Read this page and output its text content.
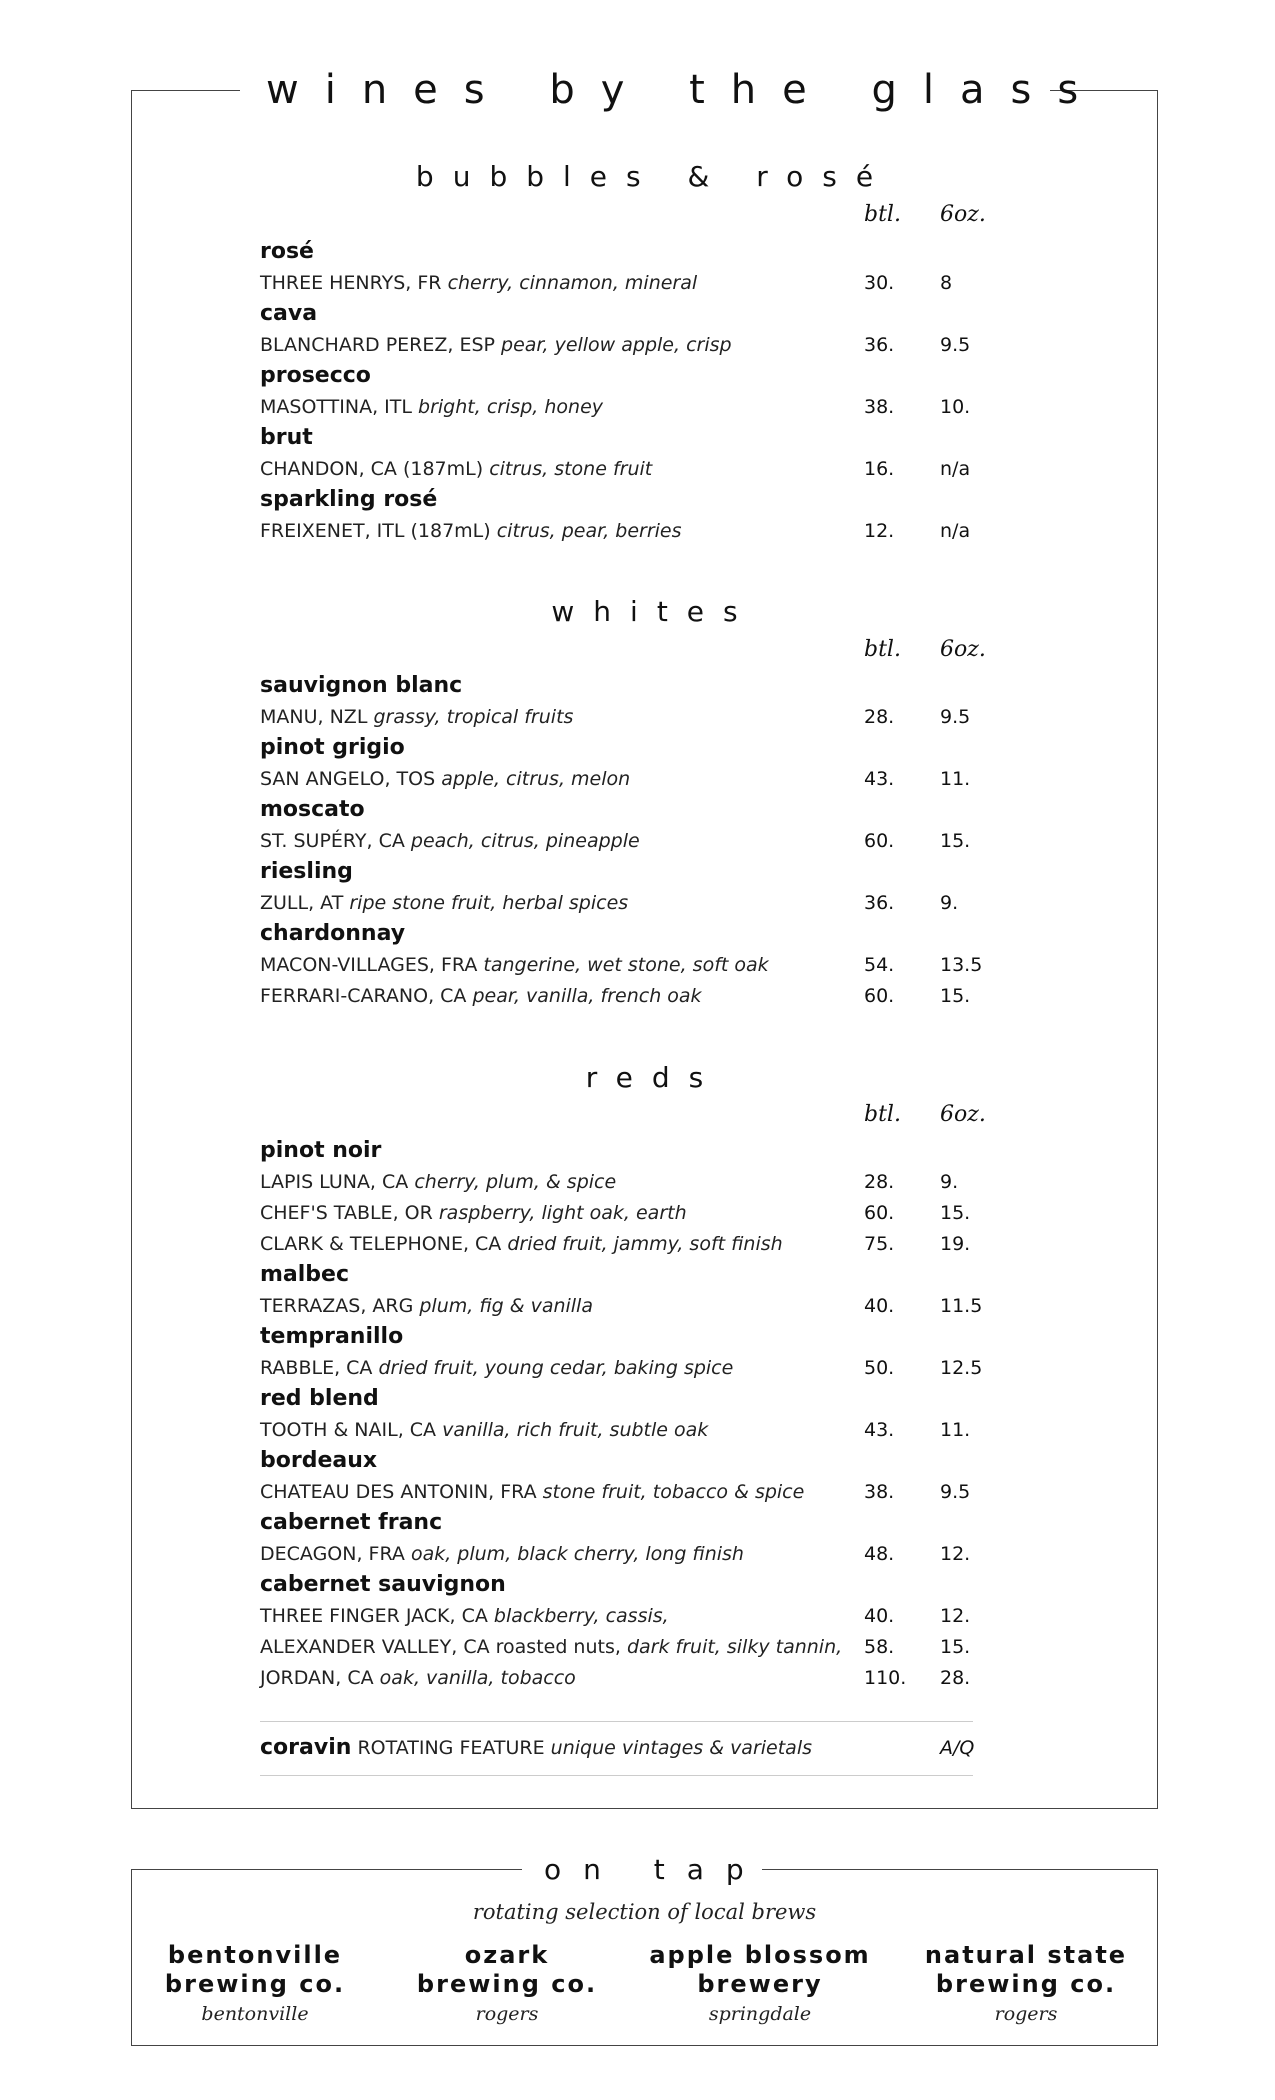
wines by the glass
bubbles & rosé
btl. 6oz.
rosé
THREE HENRYS, FR cherry, cinnamon, mineral	30. 8
cava
BLANCHARD PEREZ, ESP pear, yellow apple, crisp	36. 9.5
prosecco
MASOTTINA, ITL bright, crisp, honey	38. 10.
brut
CHANDON, CA (187mL) citrus, stone fruit	16. n/a
sparkling rosé
FREIXENET, ITL (187mL) citrus, pear, berries	12. n/a
whites
btl. 6oz.
sauvignon blanc
MANU, NZL grassy, tropical fruits	28. 9.5
pinot grigio
SAN ANGELO, TOS apple, citrus, melon	43. 11.
moscato
ST. SUPÉRY, CA peach, citrus, pineapple	60. 15.
riesling
ZULL, AT ripe stone fruit, herbal spices	36. 9.
chardonnay
MACON-VILLAGES, FRA tangerine, wet stone, soft oak	54. 13.5
FERRARI-CARANO, CA pear, vanilla, french oak	60. 15.
reds
btl. 6oz.
pinot noir
LAPIS LUNA, CA cherry, plum, & spice	28. 9.
CHEF'S TABLE, OR raspberry, light oak, earth	60. 15.
CLARK & TELEPHONE, CA dried fruit, jammy, soft finish	75. 19.
malbec
TERRAZAS, ARG plum, fig & vanilla	40. 11.5
tempranillo
RABBLE, CA dried fruit, young cedar, baking spice	50. 12.5
red blend
TOOTH & NAIL, CA vanilla, rich fruit, subtle oak	43. 11.
bordeaux
CHATEAU DES ANTONIN, FRA stone fruit, tobacco & spice	38. 9.5
cabernet franc
DECAGON, FRA oak, plum, black cherry, long finish	48. 12.
cabernet sauvignon
THREE FINGER JACK, CA blackberry, cassis,	40. 12.
ALEXANDER VALLEY, CA roasted nuts, dark fruit, silky tannin, 58. 15.
JORDAN, CA oak, vanilla, tobacco	110. 28.
coravin ROTATING FEATURE unique vintages & varietals	A/Q
on tap
rotating selection of local brews
bentonville
brewing co.
bentonville
ozark
brewing co.
rogers
apple blossom
brewery
springdale
natural state
brewing co.
rogers
